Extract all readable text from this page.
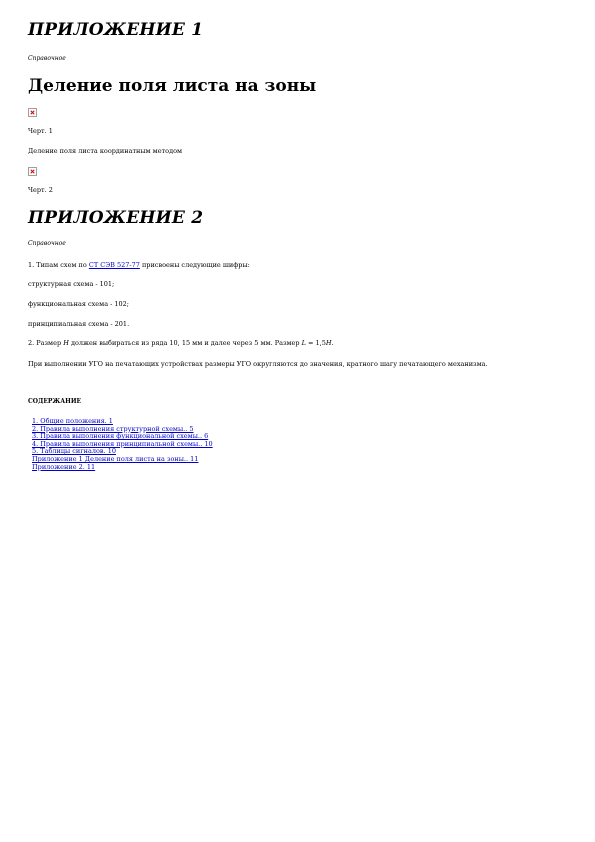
ПРИЛОЖЕНИЕ 1
Справочное
Деление поля листа на зоны
Черт. 1
Деление поля листа координатным методом
Черт. 2
ПРИЛОЖЕНИЕ 2
Справочное
1. Типам схем по СТ СЭВ 527-77 присвоены следующие шифры:
структурная схема - 101;
функциональная схема - 102;
принципиальная схема - 201.
2. Размер Н должен выбираться из ряда 10, 15 мм и далее через 5 мм. Размер L = 1,5Н.
При выполнении УГО на печатающих устройствах размеры УГО округляются до значения, кратного шагу печатающего механизма.
СОДЕРЖАНИЕ
1. Общие положения. 1
2. Правила выполнения структурной схемы.. 5
3. Правила выполнения функциональной схемы.. 6
4. Правила выполнения принципиальной схемы.. 10
5. Таблицы сигналов. 10
Приложение 1 Деление поля листа на зоны.. 11
Приложение 2. 11
